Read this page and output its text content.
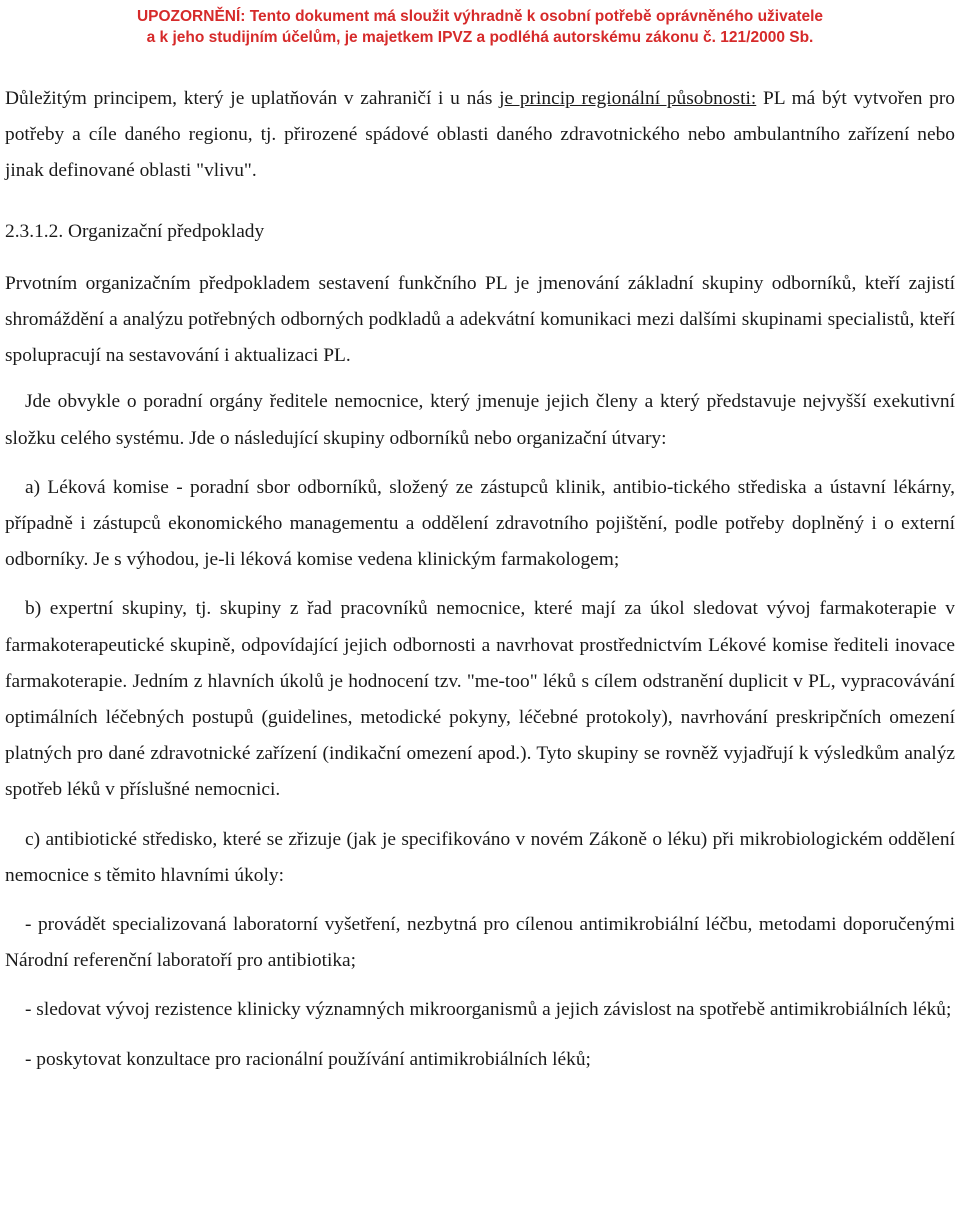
UPOZORNĚNÍ: Tento dokument má sloužit výhradně k osobní potřebě oprávněného uživatele
a k jeho studijním účelům, je majetkem IPVZ a podléhá autorskému zákonu č. 121/2000 Sb.

Důležitým principem, který je uplatňován v zahraničí i u nás je princip regionální působnosti: PL má být vytvořen pro potřeby a cíle daného regionu, tj. přirozené spádové oblasti daného zdravotnického nebo ambulantního zařízení nebo jinak definované oblasti "vlivu".

2.3.1.2. Organizační předpoklady

Prvotním organizačním předpokladem sestavení funkčního PL je jmenování základní skupiny odborníků, kteří zajistí shromáždění a analýzu potřebných odborných podkladů a adekvátní komunikaci mezi dalšími skupinami specialistů, kteří spolupracují na sestavování i aktualizaci PL.

Jde obvykle o poradní orgány ředitele nemocnice, který jmenuje jejich členy a který představuje nejvyšší exekutivní složku celého systému. Jde o následující skupiny odborníků nebo organizační útvary:

a) Léková komise - poradní sbor odborníků, složený ze zástupců klinik, antibio-tického střediska a ústavní lékárny, případně i zástupců ekonomického managementu a oddělení zdravotního pojištění, podle potřeby doplněný i o externí odborníky. Je s výhodou, je-li léková komise vedena klinickým farmakologem;

b) expertní skupiny, tj. skupiny z řad pracovníků nemocnice, které mají za úkol sledovat vývoj farmakoterapie v farmakoterapeutické skupině, odpovídající jejich odbornosti a navrhovat prostřednictvím Lékové komise řediteli inovace farmakoterapie. Jedním z hlavních úkolů je hodnocení tzv. "me-too" léků s cílem odstranění duplicit v PL, vypracovávání optimálních léčebných postupů (guidelines, metodické pokyny, léčebné protokoly), navrhování preskripčních omezení platných pro dané zdravotnické zařízení (indikační omezení apod.). Tyto skupiny se rovněž vyjadřují k výsledkům analýz spotřeb léků v příslušné nemocnici.

c) antibiotické středisko, které se zřizuje (jak je specifikováno v novém Zákoně o léku) při mikrobiologickém oddělení nemocnice s těmito hlavními úkoly:

- provádět specializovaná laboratorní vyšetření, nezbytná pro cílenou antimikrobiální léčbu, metodami doporučenými Národní referenční laboratoří pro antibiotika;

- sledovat vývoj rezistence klinicky významných mikroorganismů a jejich závislost na spotřebě antimikrobiálních léků;

- poskytovat konzultace pro racionální používání antimikrobiálních léků;
